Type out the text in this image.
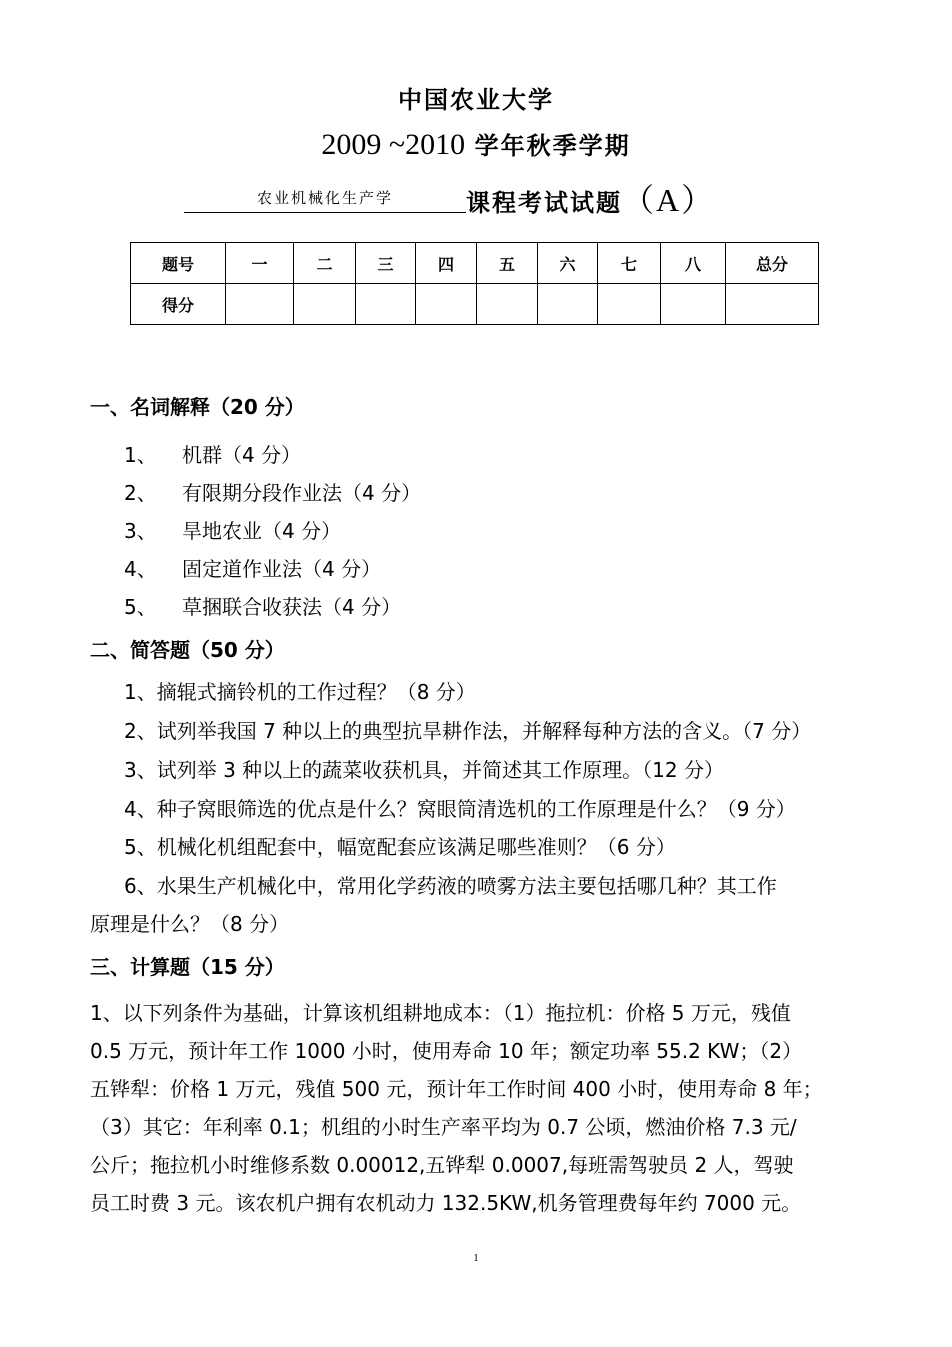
中国农业大学
2009 ~2010 学年秋季学期
农业机械化生产学	课程考试试题（A）
题号	一	二	三	四	五	六	七	八	总分
得分									
一、名词解释（20 分）
1、 机群（4 分）
2、 有限期分段作业法（4 分）
3、 旱地农业（4 分）
4、 固定道作业法（4 分）
5、 草捆联合收获法（4 分）
二、简答题（50 分）
1、摘辊式摘铃机的工作过程？（8 分）
2、试列举我国 7 种以上的典型抗旱耕作法，并解释每种方法的含义。（7 分）
3、试列举 3 种以上的蔬菜收获机具，并简述其工作原理。（12 分）
4、种子窝眼筛选的优点是什么？窝眼筒清选机的工作原理是什么？（9 分）
5、机械化机组配套中，幅宽配套应该满足哪些准则？（6 分）
6、水果生产机械化中，常用化学药液的喷雾方法主要包括哪几种？其工作
原理是什么？（8 分）
三、计算题（15 分）
1、以下列条件为基础，计算该机组耕地成本：（1）拖拉机：价格 5 万元，残值
0.5 万元，预计年工作 1000 小时，使用寿命 10 年；额定功率 55.2 KW；（2）
五铧犁：价格 1 万元，残值 500 元，预计年工作时间 400 小时，使用寿命 8 年；
（3）其它：年利率 0.1；机组的小时生产率平均为 0.7 公顷，燃油价格 7.3 元/
公斤；拖拉机小时维修系数 0.00012,五铧犁 0.0007,每班需驾驶员 2 人，驾驶
员工时费 3 元。该农机户拥有农机动力 132.5KW,机务管理费每年约 7000 元。
1
